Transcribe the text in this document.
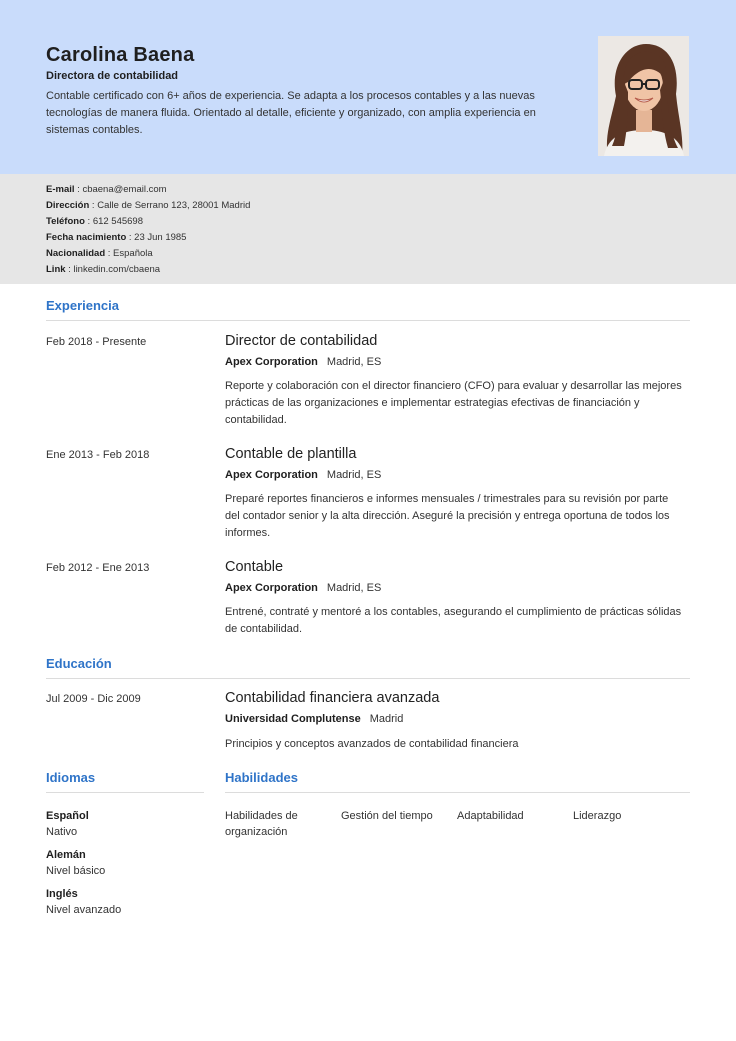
Carolina Baena
Directora de contabilidad
Contable certificado con 6+ años de experiencia. Se adapta a los procesos contables y a las nuevas tecnologías de manera fluida. Orientado al detalle, eficiente y organizado, con amplia experiencia en sistemas contables.
E-mail : cbaena@email.com
Dirección : Calle de Serrano 123, 28001 Madrid
Teléfono : 612 545698
Fecha nacimiento : 23 Jun 1985
Nacionalidad : Española
Link : linkedin.com/cbaena
Experiencia
Feb 2018 - Presente	Director de contabilidad
Apex Corporation Madrid, ES
Reporte y colaboración con el director financiero (CFO) para evaluar y desarrollar las mejores prácticas de las organizaciones e implementar estrategias efectivas de financiación y contabilidad.
Ene 2013 - Feb 2018	Contable de plantilla
Apex Corporation Madrid, ES
Preparé reportes financieros e informes mensuales / trimestrales para su revisión por parte del contador senior y la alta dirección. Aseguré la precisión y entrega oportuna de todos los informes.
Feb 2012 - Ene 2013	Contable
Apex Corporation Madrid, ES
Entrené, contraté y mentoré a los contables, asegurando el cumplimiento de prácticas sólidas de contabilidad.
Educación
Jul 2009 - Dic 2009	Contabilidad financiera avanzada
Universidad Complutense Madrid
Principios y conceptos avanzados de contabilidad financiera
Idiomas
Español
Nativo
Alemán
Nivel básico
Inglés
Nivel avanzado
Habilidades
Habilidades de organización
Gestión del tiempo	Adaptabilidad	Liderazgo
